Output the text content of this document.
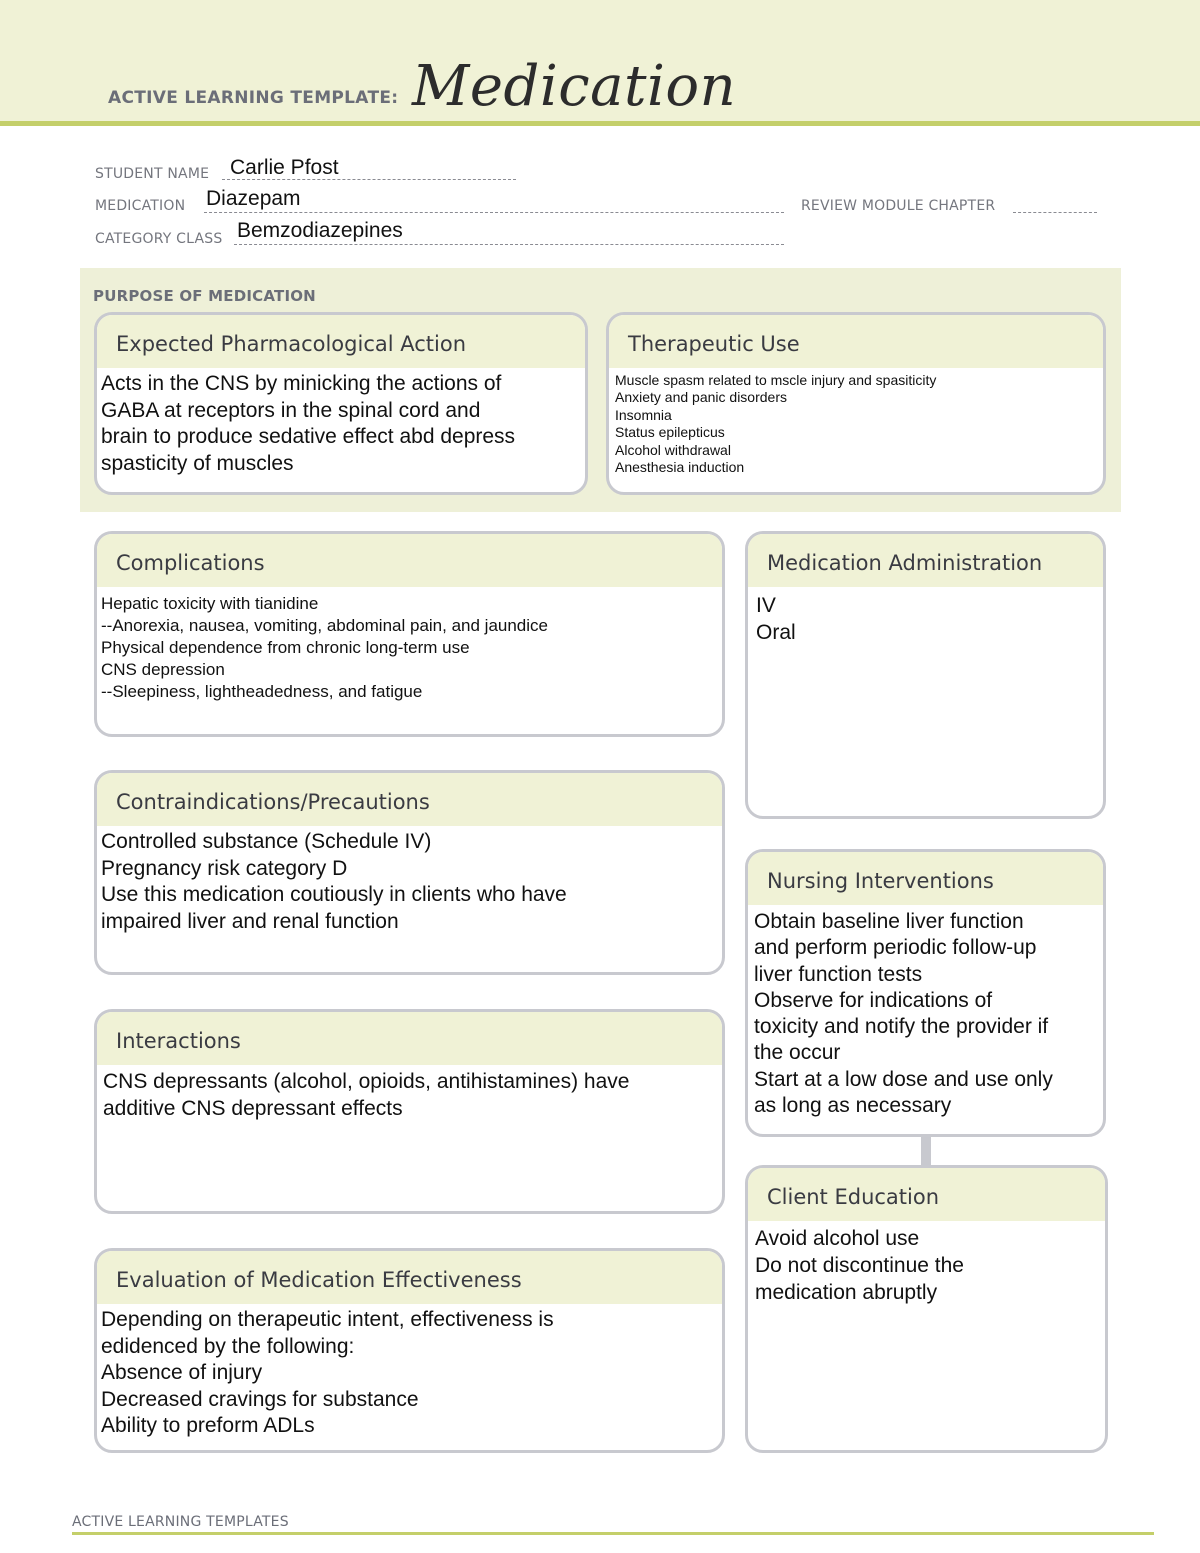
ACTIVE LEARNING TEMPLATE: Medication
STUDENT NAME Carlie Pfost
MEDICATION Diazepam	REVIEW MODULE CHAPTER
CATEGORY CLASS Bemzodiazepines
PURPOSE OF MEDICATION
Expected Pharmacological Action
Acts in the CNS by minicking the actions of
GABA at receptors in the spinal cord and
brain to produce sedative effect abd depress
spasticity of muscles
Therapeutic Use
Muscle spasm related to mscle injury and spasiticity
Anxiety and panic disorders
Insomnia
Status epilepticus
Alcohol withdrawal
Anesthesia induction
Complications
Hepatic toxicity with tianidine
--Anorexia, nausea, vomiting, abdominal pain, and jaundice
Physical dependence from chronic long-term use
CNS depression
--Sleepiness, lightheadedness, and fatigue
Medication Administration
IV
Oral
Contraindications/Precautions
Controlled substance (Schedule IV)
Pregnancy risk category D
Use this medication coutiously in clients who have
impaired liver and renal function
Nursing Interventions
Obtain baseline liver function
and perform periodic follow-up
liver function tests
Observe for indications of
toxicity and notify the provider if
the occur
Start at a low dose and use only
as long as necessary
Interactions
CNS depressants (alcohol, opioids, antihistamines) have
additive CNS depressant effects
Client Education
Avoid alcohol use
Do not discontinue the
medication abruptly
Evaluation of Medication Effectiveness
Depending on therapeutic intent, effectiveness is
edidenced by the following:
Absence of injury
Decreased cravings for substance
Ability to preform ADLs
ACTIVE LEARNING TEMPLATES
